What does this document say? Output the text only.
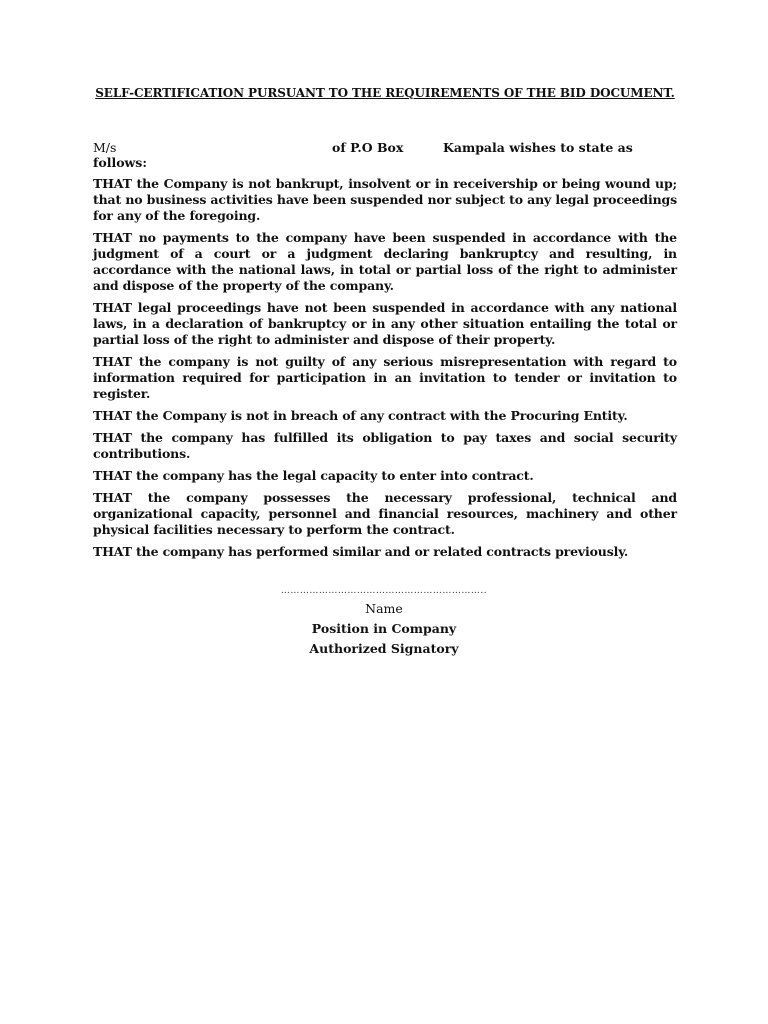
SELF-CERTIFICATION PURSUANT TO THE REQUIREMENTS OF THE BID DOCUMENT.
M/s	of P.O Box	Kampala wishes to state as
follows:

THAT the Company is not bankrupt, insolvent or in receivership or being wound up; that no business activities have been suspended nor subject to any legal proceedings for any of the foregoing.

THAT no payments to the company have been suspended in accordance with the judgment of a court or a judgment declaring bankruptcy and resulting, in accordance with the national laws, in total or partial loss of the right to administer and dispose of the property of the company.

THAT legal proceedings have not been suspended in accordance with any national laws, in a declaration of bankruptcy or in any other situation entailing the total or partial loss of the right to administer and dispose of their property.

THAT the company is not guilty of any serious misrepresentation with regard to information required for participation in an invitation to tender or invitation to register.

THAT the Company is not in breach of any contract with the Procuring Entity.

THAT the company has fulfilled its obligation to pay taxes and social security contributions.

THAT the company has the legal capacity to enter into contract.

THAT the company possesses the necessary professional, technical and organizational capacity, personnel and financial resources, machinery and other physical facilities necessary to perform the contract.

THAT the company has performed similar and or related contracts previously.

………………………………………………………..
Name
Position in Company
Authorized Signatory
